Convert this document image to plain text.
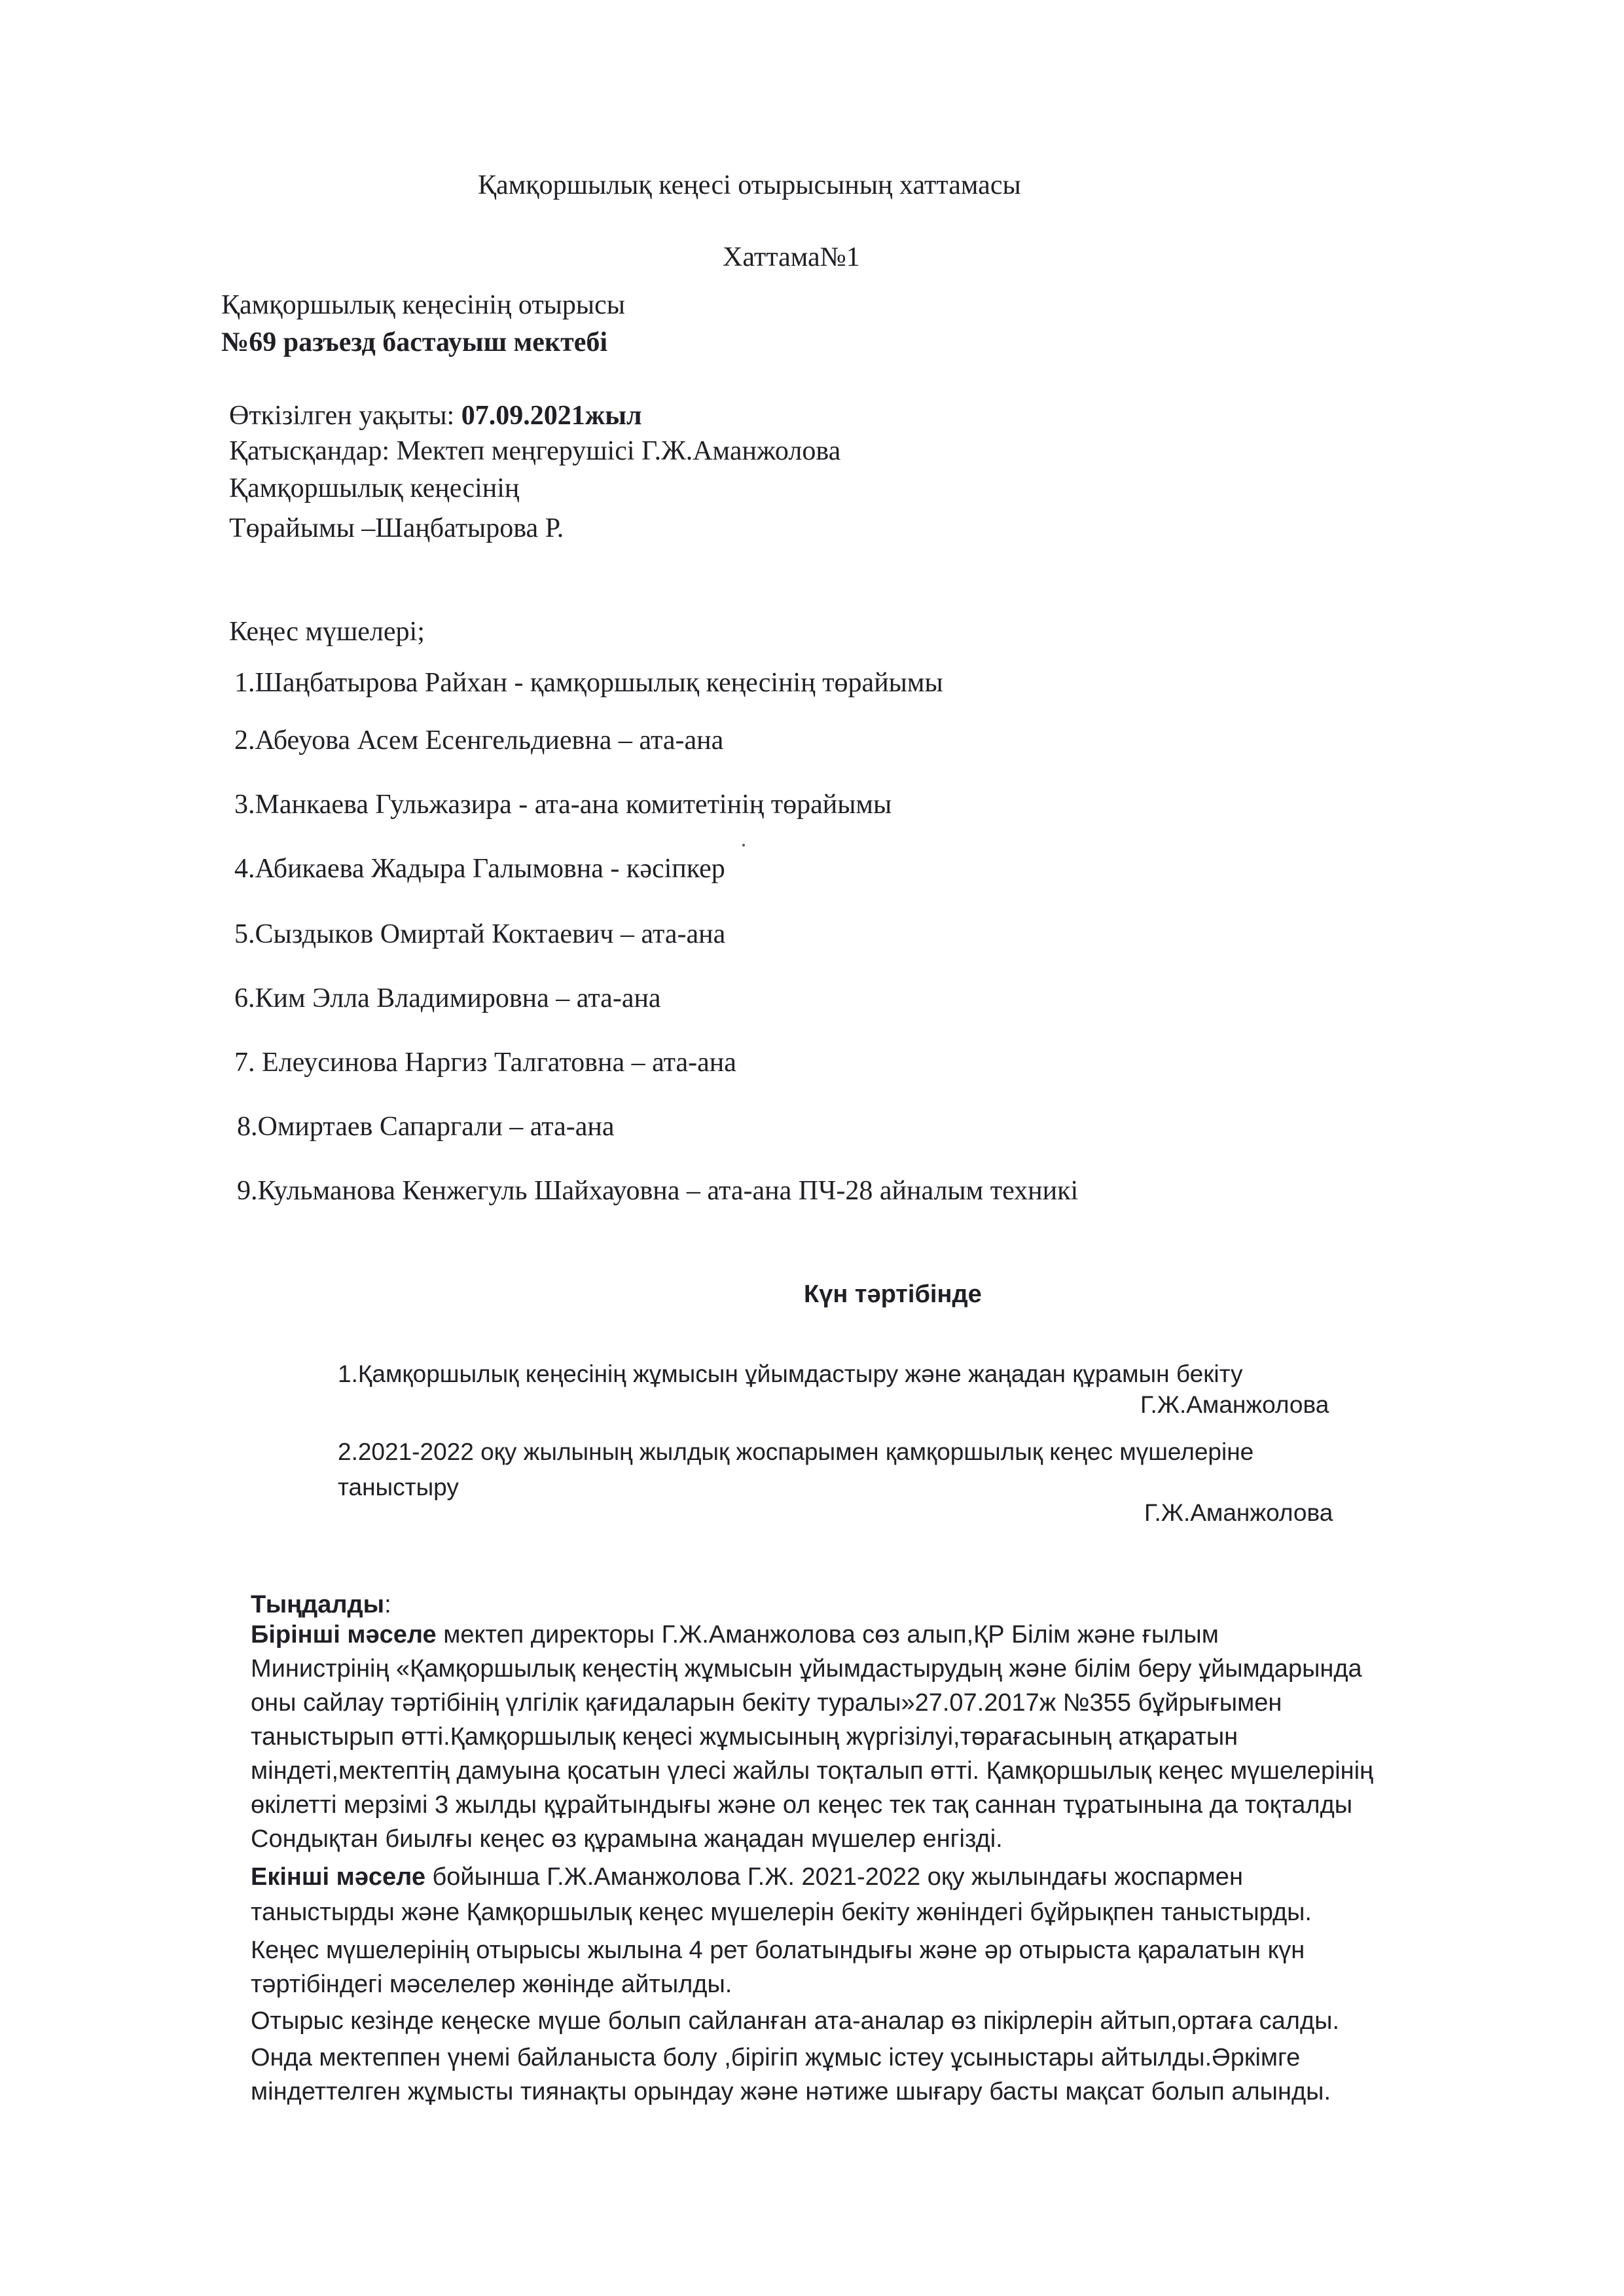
Қамқоршылық кеңесі отырысының хаттамасы
Хаттама№1
Қамқоршылық кеңесінің отырысы
№69 разъезд бастауыш мектебі
Өткізілген уақыты: 07.09.2021жыл
Қатысқандар: Мектеп меңгерушісі Г.Ж.Аманжолова
Қамқоршылық кеңесінің
Төрайымы –Шаңбатырова Р.
Кеңес мүшелері;
1.Шаңбатырова Райхан - қамқоршылық кеңесінің төрайымы
2.Абеуова Асем Есенгельдиевна – ата-ана
3.Манкаева Гульжазира - ата-ана комитетінің төрайымы
4.Абикаева Жадыра Галымовна - кәсіпкер
5.Сыздыков Омиртай Коктаевич – ата-ана
6.Ким Элла Владимировна – ата-ана
7. Елеусинова Наргиз Талгатовна – ата-ана
8.Омиртаев Сапаргали – ата-ана
9.Кульманова Кенжегуль Шайхауовна – ата-ана ПЧ-28 айналым техникі
Күн тәртібінде
1.Қамқоршылық кеңесінің жұмысын ұйымдастыру және жаңадан құрамын бекіту
Г.Ж.Аманжолова
2.2021-2022 оқу жылының жылдық жоспарымен қамқоршылық кеңес мүшелеріне
таныстыру
Г.Ж.Аманжолова
Тыңдалды:
Бірінші мәселе мектеп директоры Г.Ж.Аманжолова сөз алып,ҚР Білім және ғылым
Министрінің «Қамқоршылық кеңестің жұмысын ұйымдастырудың және білім беру ұйымдарында
оны сайлау тәртібінің үлгілік қағидаларын бекіту туралы»27.07.2017ж №355 бұйрығымен
таныстырып өтті.Қамқоршылық кеңесі жұмысының жүргізілуі,төрағасының атқаратын
міндеті,мектептің дамуына қосатын үлесі жайлы тоқталып өтті. Қамқоршылық кеңес мүшелерінің
өкілетті мерзімі 3 жылды құрайтындығы және ол кеңес тек тақ саннан тұратынына да тоқталды
Сондықтан биылғы кеңес өз құрамына жаңадан мүшелер енгізді.
Екінші мәселе бойынша Г.Ж.Аманжолова Г.Ж. 2021-2022 оқу жылындағы жоспармен
таныстырды және Қамқоршылық кеңес мүшелерін бекіту жөніндегі бұйрықпен таныстырды.
Кеңес мүшелерінің отырысы жылына 4 рет болатындығы және әр отырыста қаралатын күн
тәртібіндегі мәселелер жөнінде айтылды.
Отырыс кезінде кеңеске мүше болып сайланған ата-аналар өз пікірлерін айтып,ортаға салды.
Онда мектеппен үнемі байланыста болу ,бірігіп жұмыс істеу ұсыныстары айтылды.Әркімге
міндеттелген жұмысты тиянақты орындау және нәтиже шығару басты мақсат болып алынды.
